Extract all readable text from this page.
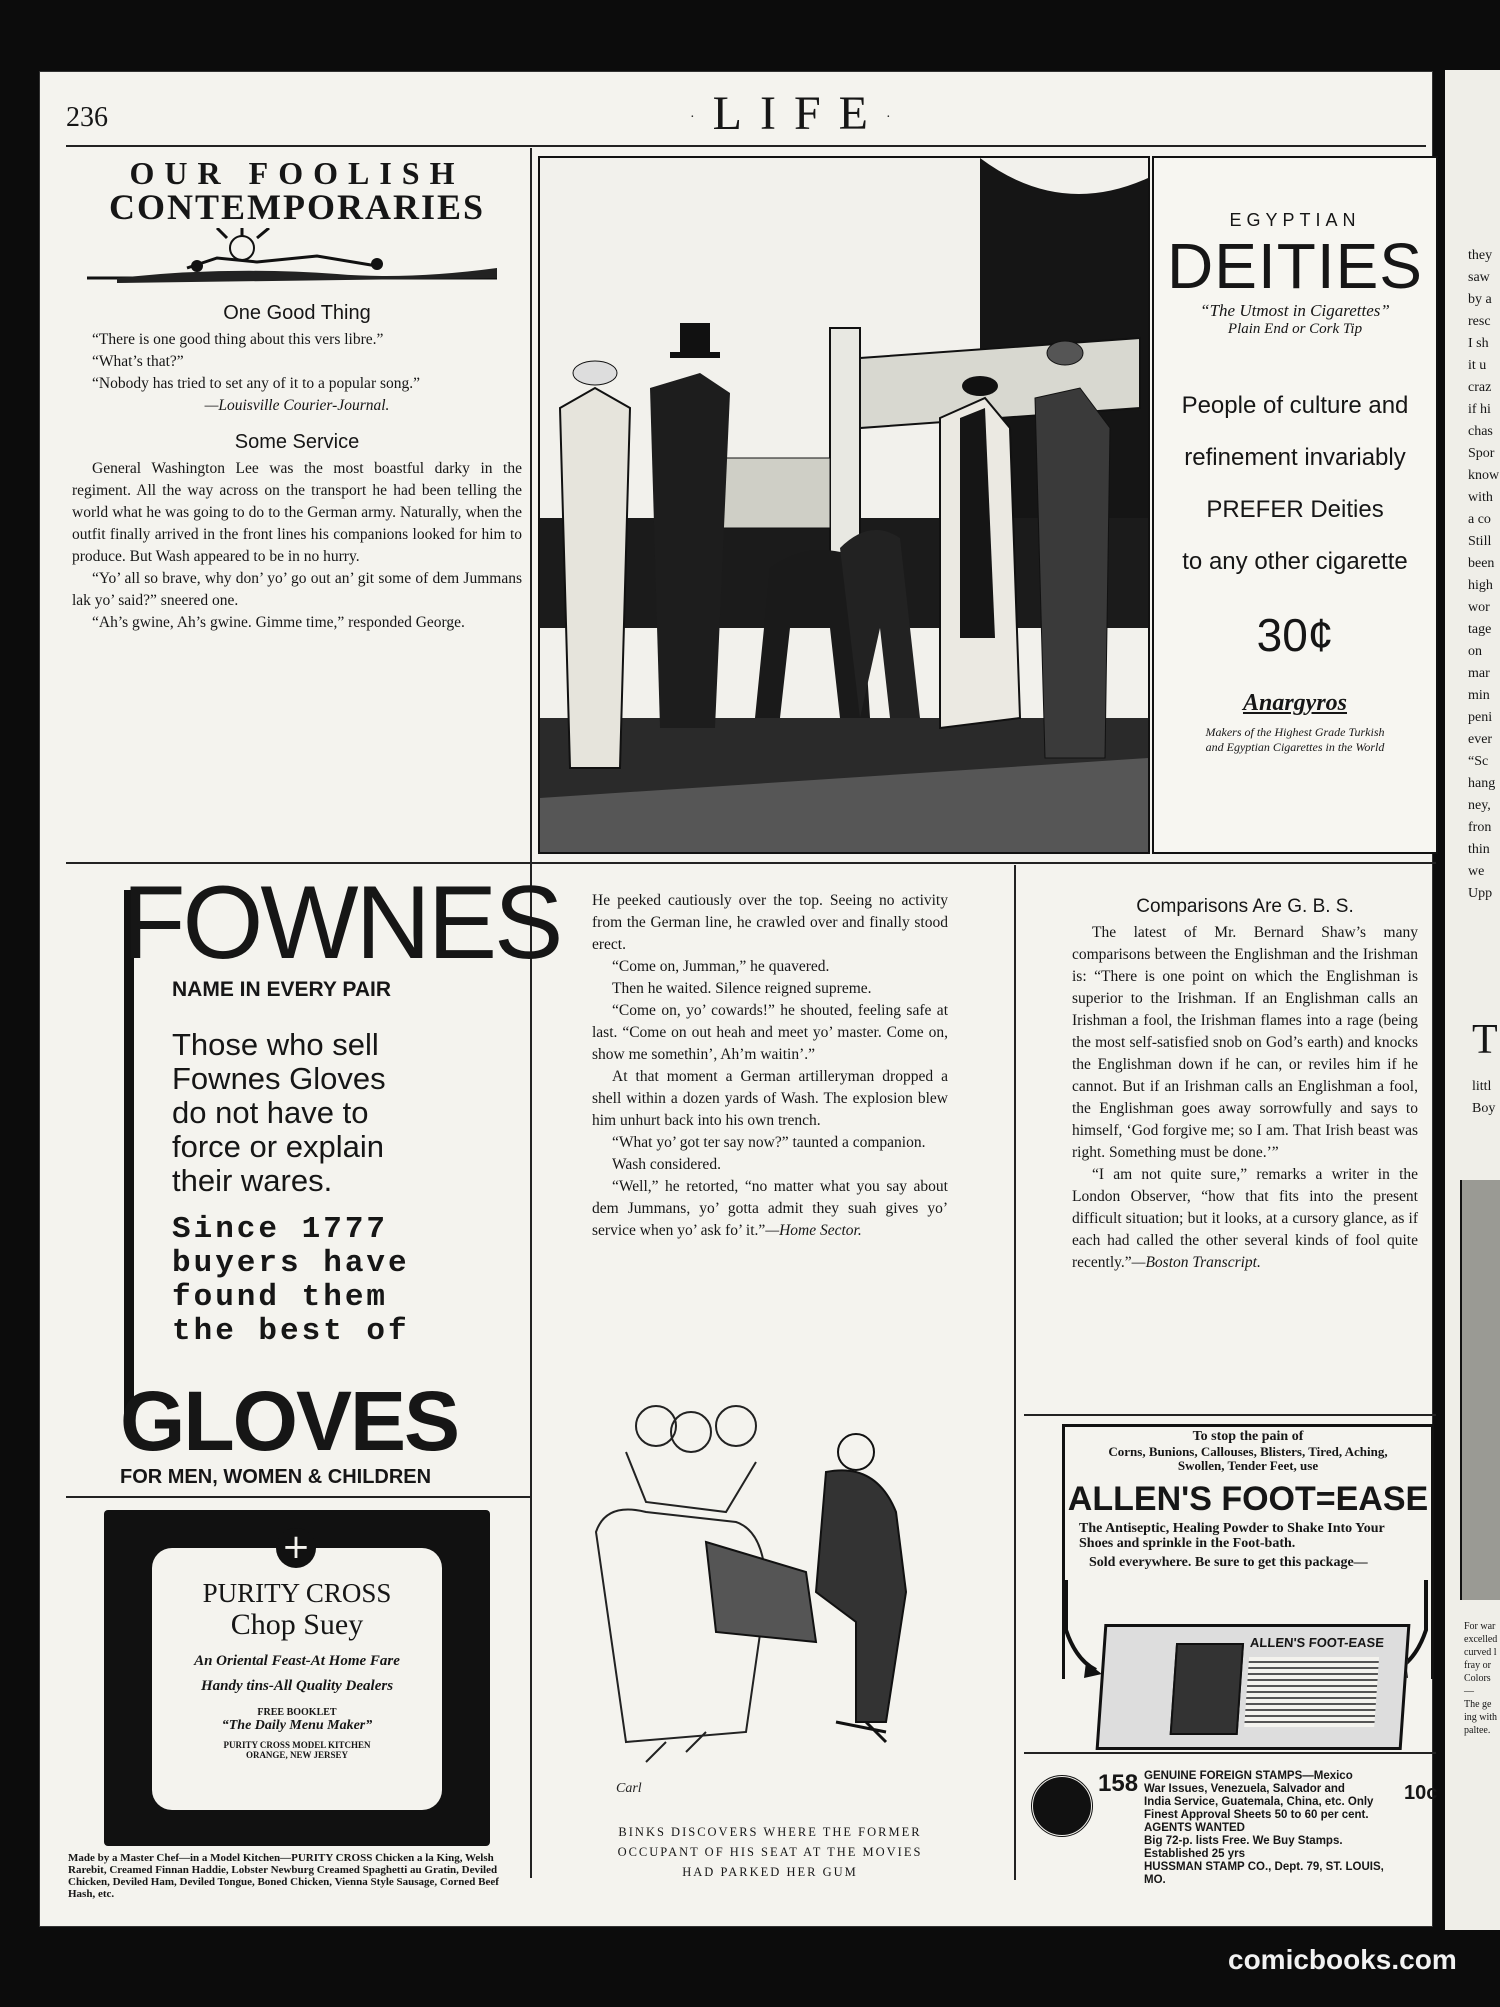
236	·LIFE·
OUR FOOLISH
CONTEMPORARIES
One Good Thing

“There is one good thing about this vers libre.”

“What’s that?”

“Nobody has tried to set any of it to a popular song.”

—Louisville Courier-Journal.

Some Service

General Washington Lee was the most boastful darky in the regiment. All the way across on the transport he had been telling the world what he was going to do to the German army. Naturally, when the outfit finally arrived in the front lines his companions looked for him to produce. But Wash appeared to be in no hurry.

“Yo’ all so brave, why don’ yo’ go out an’ git some of dem Jummans lak yo’ said?” sneered one.

“Ah’s gwine, Ah’s gwine. Gimme time,” responded George.

EGYPTIAN
DEITIES
“The Utmost in Cigarettes”
Plain End or Cork Tip
People of culture and
refinement invariably
PREFER Deities
to any other cigarette
30¢
Anargyros
Makers of the Highest Grade Turkish
and Egyptian Cigarettes in the World
FOWNES
NAME IN EVERY PAIR
Those who sell
Fownes Gloves
do not have to
force or explain
their wares.
Since 1777
buyers have
found them
the best of
GLOVES
FOR MEN, WOMEN & CHILDREN
+
PURITY CROSS
Chop Suey
An Oriental Feast-At Home Fare
Handy tins-All Quality Dealers
FREE BOOKLET
“The Daily Menu Maker”
PURITY CROSS MODEL KITCHEN
ORANGE, NEW JERSEY
Made by a Master Chef—in a Model Kitchen—PURITY CROSS Chicken a la King, Welsh Rarebit, Creamed Finnan Haddie, Lobster Newburg Creamed Spaghetti au Gratin, Deviled Chicken, Deviled Ham, Deviled Tongue, Boned Chicken, Vienna Style Sausage, Corned Beef Hash, etc.

He peeked cautiously over the top. Seeing no activity from the German line, he crawled over and finally stood erect.

“Come on, Jumman,” he quavered.

Then he waited. Silence reigned supreme.

“Come on, yo’ cowards!” he shouted, feeling safe at last. “Come on out heah and meet yo’ master. Come on, show me somethin’, Ah’m waitin’.”

At that moment a German artilleryman dropped a shell within a dozen yards of Wash. The explosion blew him unhurt back into his own trench.

“What yo’ got ter say now?” taunted a companion.

Wash considered.

“Well,” he retorted, “no matter what you say about dem Jummans, yo’ gotta admit they suah gives yo’ service when yo’ ask fo’ it.”—Home Sector.

Carl
BINKS DISCOVERS WHERE THE FORMER
OCCUPANT OF HIS SEAT AT THE MOVIES
HAD PARKED HER GUM
Comparisons Are G. B. S.

The latest of Mr. Bernard Shaw’s many comparisons between the Englishman and the Irishman is: “There is one point on which the Englishman is superior to the Irishman. If an Englishman calls an Irishman a fool, the Irishman flames into a rage (being the most self-satisfied snob on God’s earth) and knocks the Englishman down if he can, or reviles him if he cannot. But if an Irishman calls an Englishman a fool, the Englishman goes away sorrowfully and says to himself, ‘God forgive me; so I am. That Irish beast was right. Something must be done.’”

“I am not quite sure,” remarks a writer in the London Observer, “how that fits into the present difficult situation; but it looks, at a cursory glance, as if each had called the other several kinds of fool quite recently.”—Boston Transcript.

To stop the pain of
Corns, Bunions, Callouses, Blisters, Tired, Aching, Swollen, Tender Feet, use
ALLEN'S FOOT=EASE
The Antiseptic, Healing Powder to Shake Into Your Shoes and sprinkle in the Foot-bath.
Sold everywhere. Be sure to get this package—
ALLEN'S FOOT-EASE
158 GENUINE FOREIGN STAMPS—Mexico
War Issues, Venezuela, Salvador and
India Service, Guatemala, China, etc. Only
Finest Approval Sheets 50 to 60 per cent. AGENTS WANTED
Big 72-p. lists Free. We Buy Stamps. Established 25 yrs
HUSSMAN STAMP CO., Dept. 79, ST. LOUIS, MO.
10c
they
saw
by a
resc
I sh
it u
craz
if hi
chas
Spor
know
with
a co
Still
been
high
wor
tage
on
mar
min
peni
ever
“Sc
hang
ney,
fron
thin
we
Upp
T
littl
Boy
For war
excelled
curved l
fray or
Colors—
The ge
ing with
paltee.
comicbooks.com
